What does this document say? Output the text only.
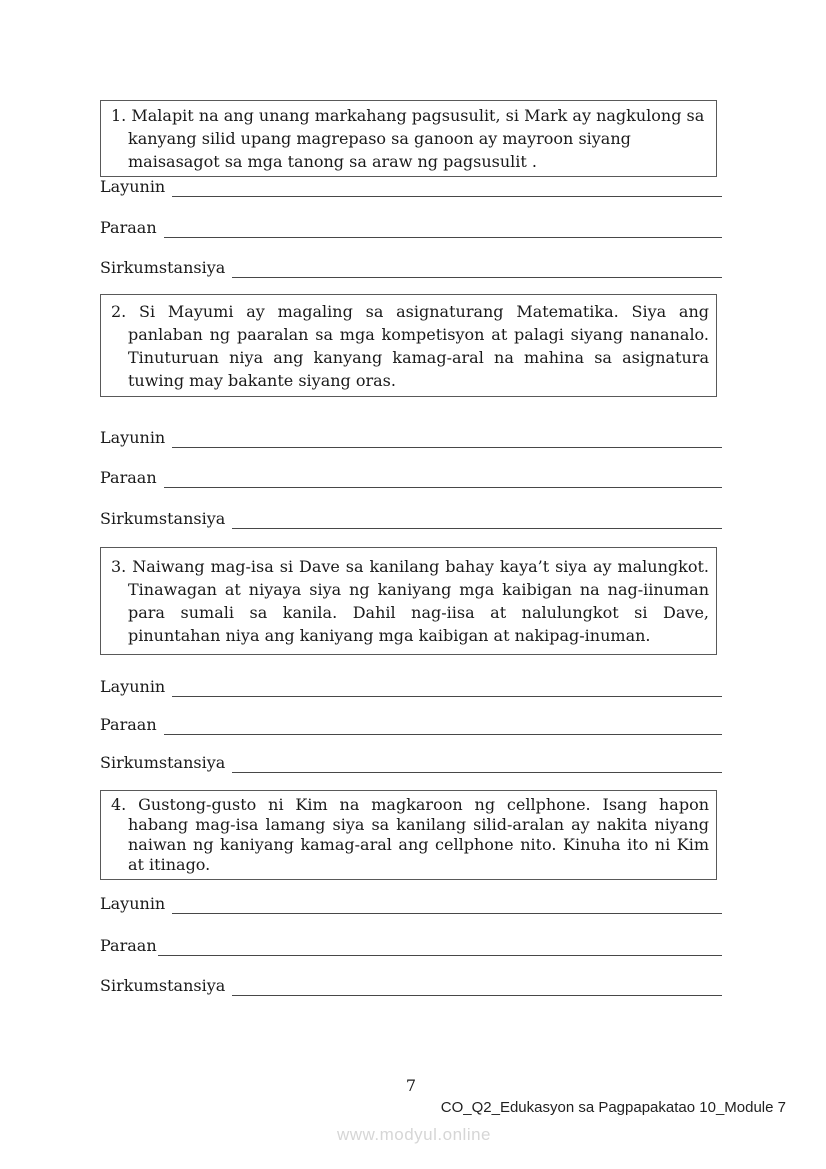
1. Malapit na ang unang markahang pagsusulit, si Mark ay nagkulong sa kanyang silid upang magrepaso sa ganoon ay mayroon siyang maisasagot sa mga tanong sa araw ng pagsusulit .
Layunin
Paraan
Sirkumstansiya
2. Si Mayumi ay magaling sa asignaturang Matematika. Siya ang panlaban ng paaralan sa mga kompetisyon at palagi siyang nananalo. Tinuturuan niya ang kanyang kamag-aral na mahina sa asignatura tuwing may bakante siyang oras.
Layunin
Paraan
Sirkumstansiya
3. Naiwang mag-isa si Dave sa kanilang bahay kaya’t siya ay malungkot. Tinawagan at niyaya siya ng kaniyang mga kaibigan na nag-iinuman para sumali sa kanila. Dahil nag-iisa at nalulungkot si Dave, pinuntahan niya ang kaniyang mga kaibigan at nakipag-inuman.
Layunin
Paraan
Sirkumstansiya
4. Gustong-gusto ni Kim na magkaroon ng cellphone. Isang hapon habang mag-isa lamang siya sa kanilang silid-aralan ay nakita niyang naiwan ng kaniyang kamag-aral ang cellphone nito. Kinuha ito ni Kim at itinago.
Layunin
Paraan
Sirkumstansiya
7
CO_Q2_Edukasyon sa Pagpapakatao 10_Module 7
www.modyul.online
